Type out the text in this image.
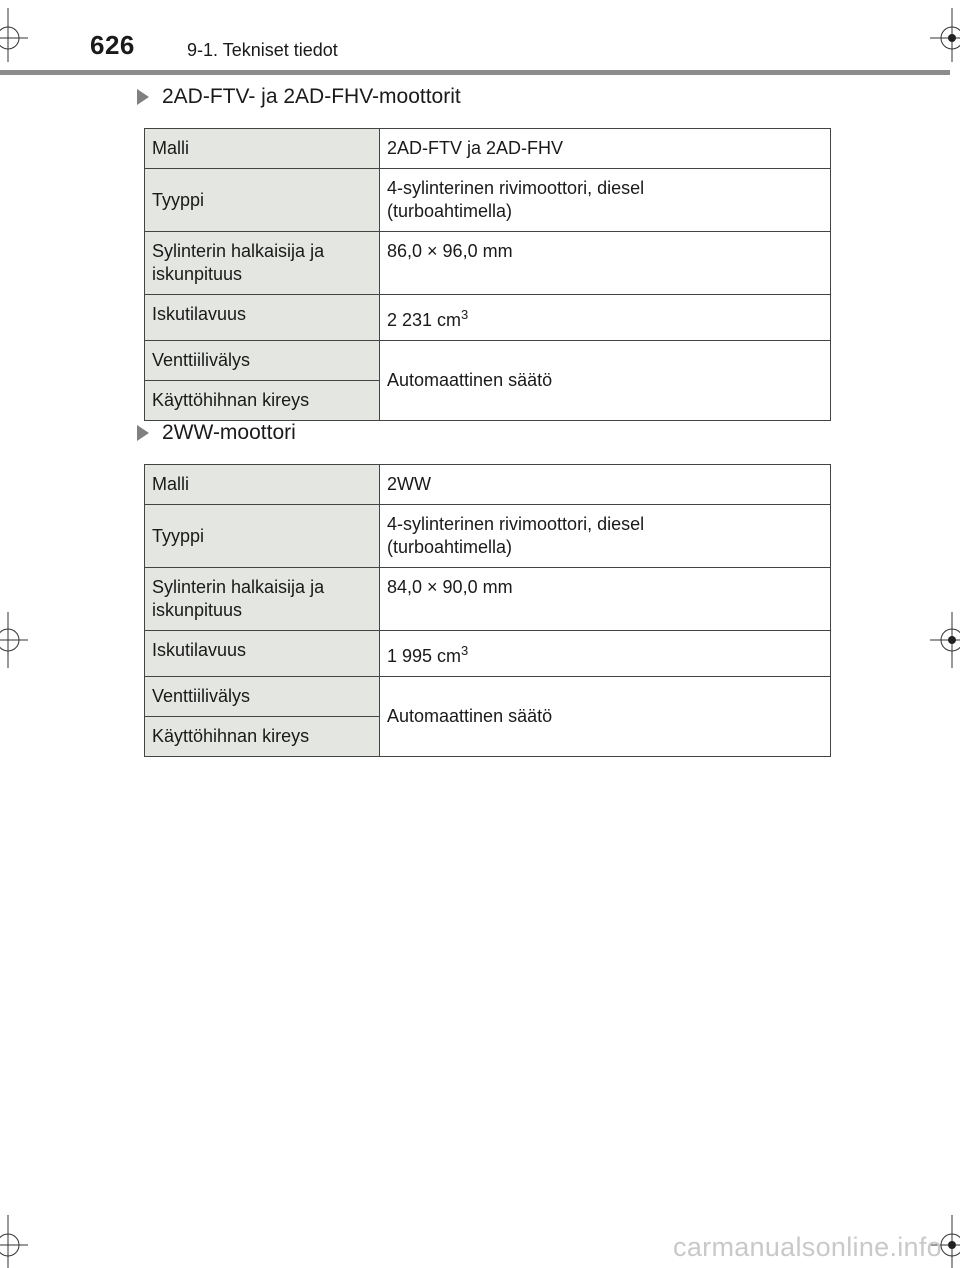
626	9-1. Tekniset tiedot
2AD-FTV- ja 2AD-FHV-moottorit
Malli	2AD-FTV ja 2AD-FHV
Tyyppi	4-sylinterinen rivimoottori, diesel
(turboahtimella)
Sylinterin halkaisija ja
iskunpituus	86,0 × 96,0 mm
Iskutilavuus	2 231 $cm^3$
Venttiilivälys	Automaattinen säätö
Käyttöhihnan kireys	
2WW-moottori
Malli	2WW
Tyyppi	4-sylinterinen rivimoottori, diesel
(turboahtimella)
Sylinterin halkaisija ja
iskunpituus	84,0 × 90,0 mm
Iskutilavuus	1 995 $cm^3$
Venttiilivälys	Automaattinen säätö
Käyttöhihnan kireys	
carmanualsonline.info
